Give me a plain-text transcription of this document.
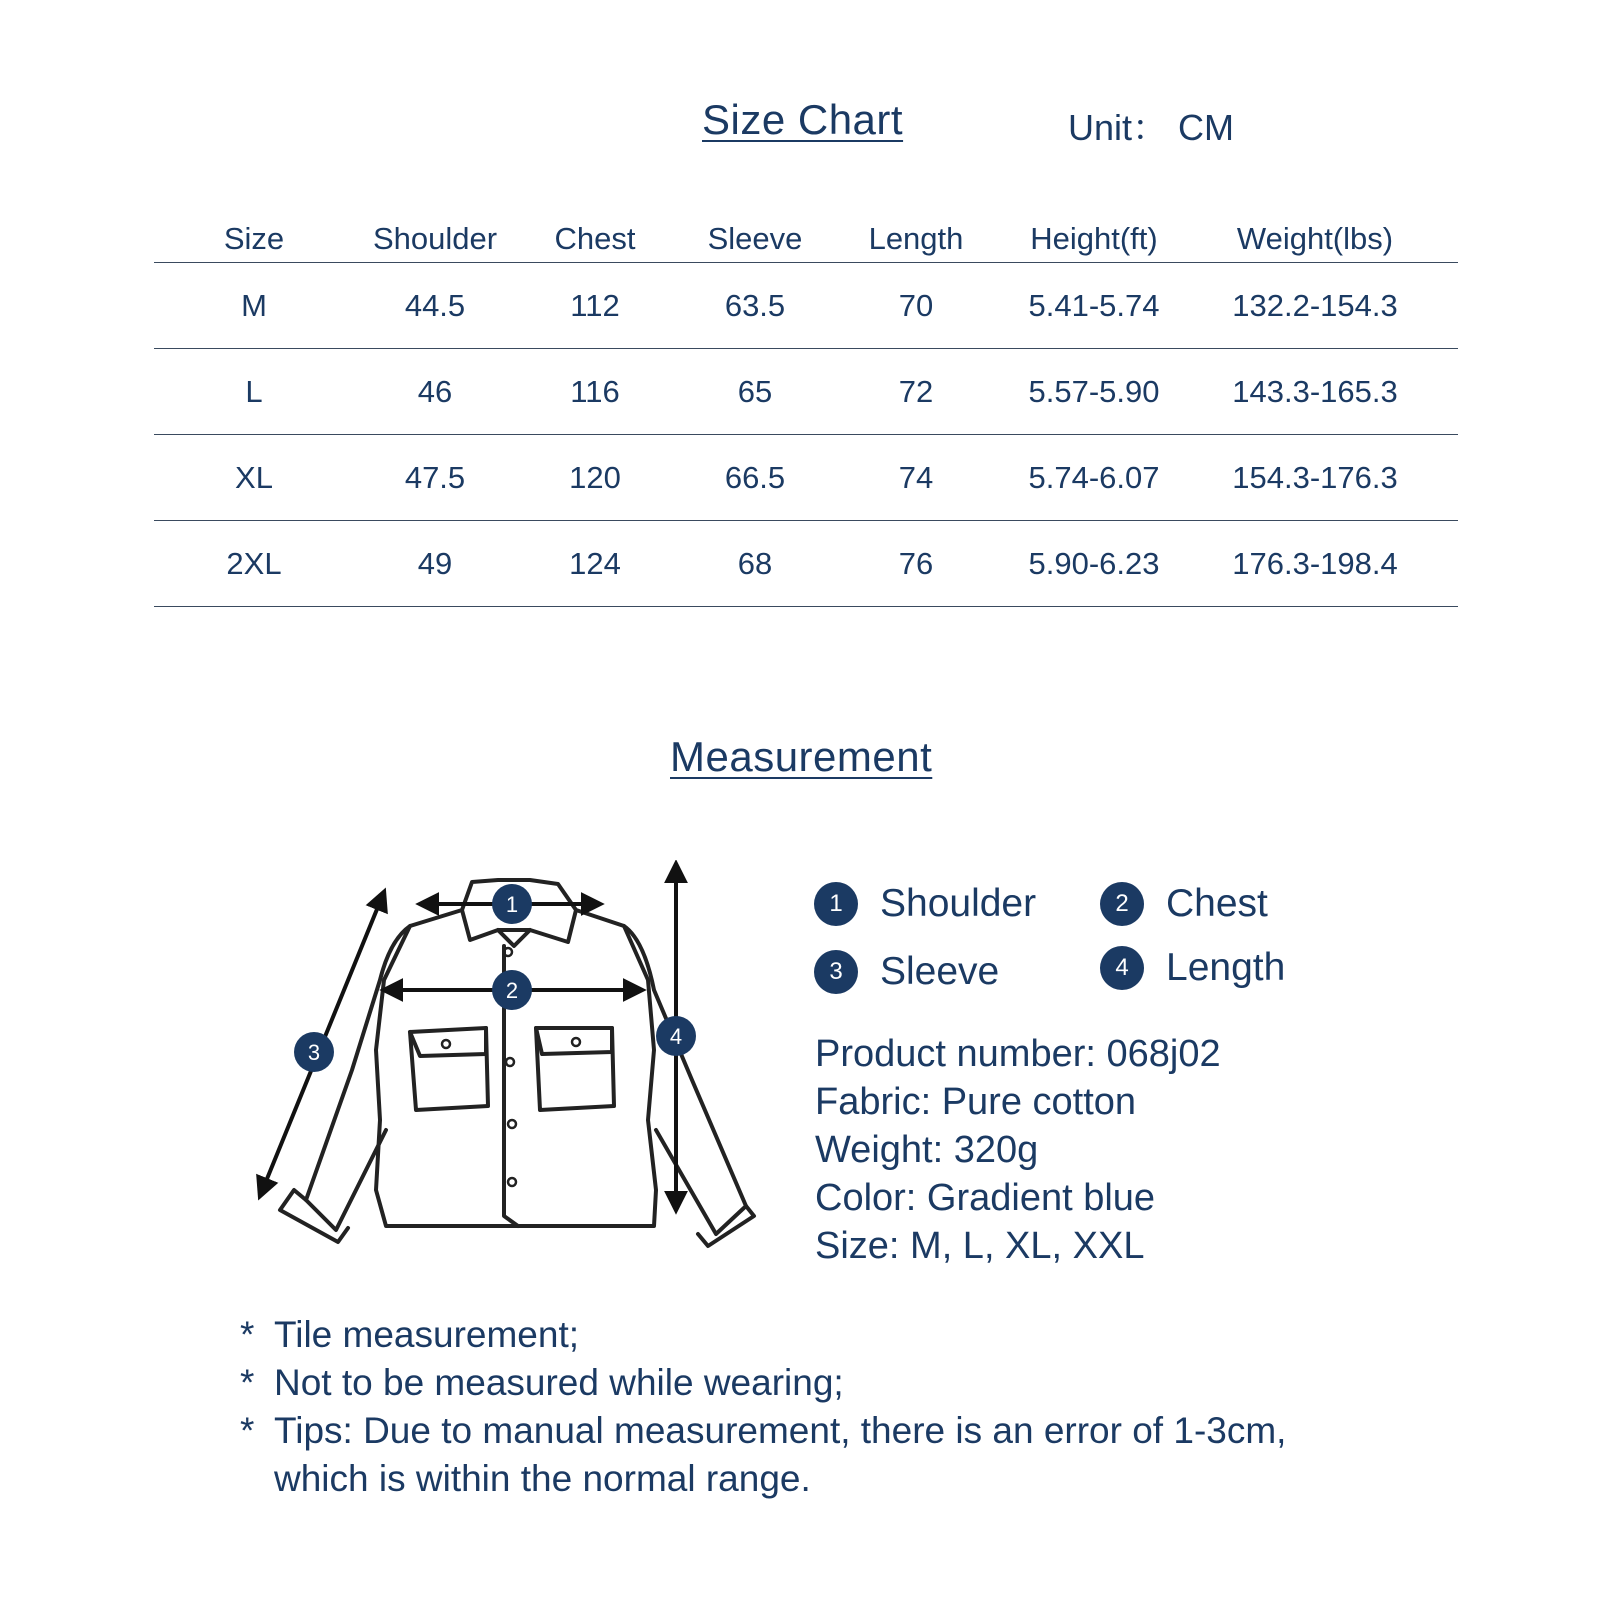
Size Chart	Unit： CM
Size	Shoulder	Chest	Sleeve	Length	Height(ft)	Weight(lbs)
M	44.5	112	63.5	70	5.41-5.74	132.2-154.3
L	46	116	65	72	5.57-5.90	143.3-165.3
XL	47.5	120	66.5	74	5.74-6.07	154.3-176.3
2XL	49	124	68	76	5.90-6.23	176.3-198.4
Measurement
1
2
3
4
1 Shoulder	2 Chest
3 Sleeve	4 Length
Product number: 068j02
Fabric: Pure cotton
Weight: 320g
Color: Gradient blue
Size: M, L, XL, XXL
* Tile measurement;
* Not to be measured while wearing;
* Tips: Due to manual measurement, there is an error of 1-3cm,
which is within the normal range.
